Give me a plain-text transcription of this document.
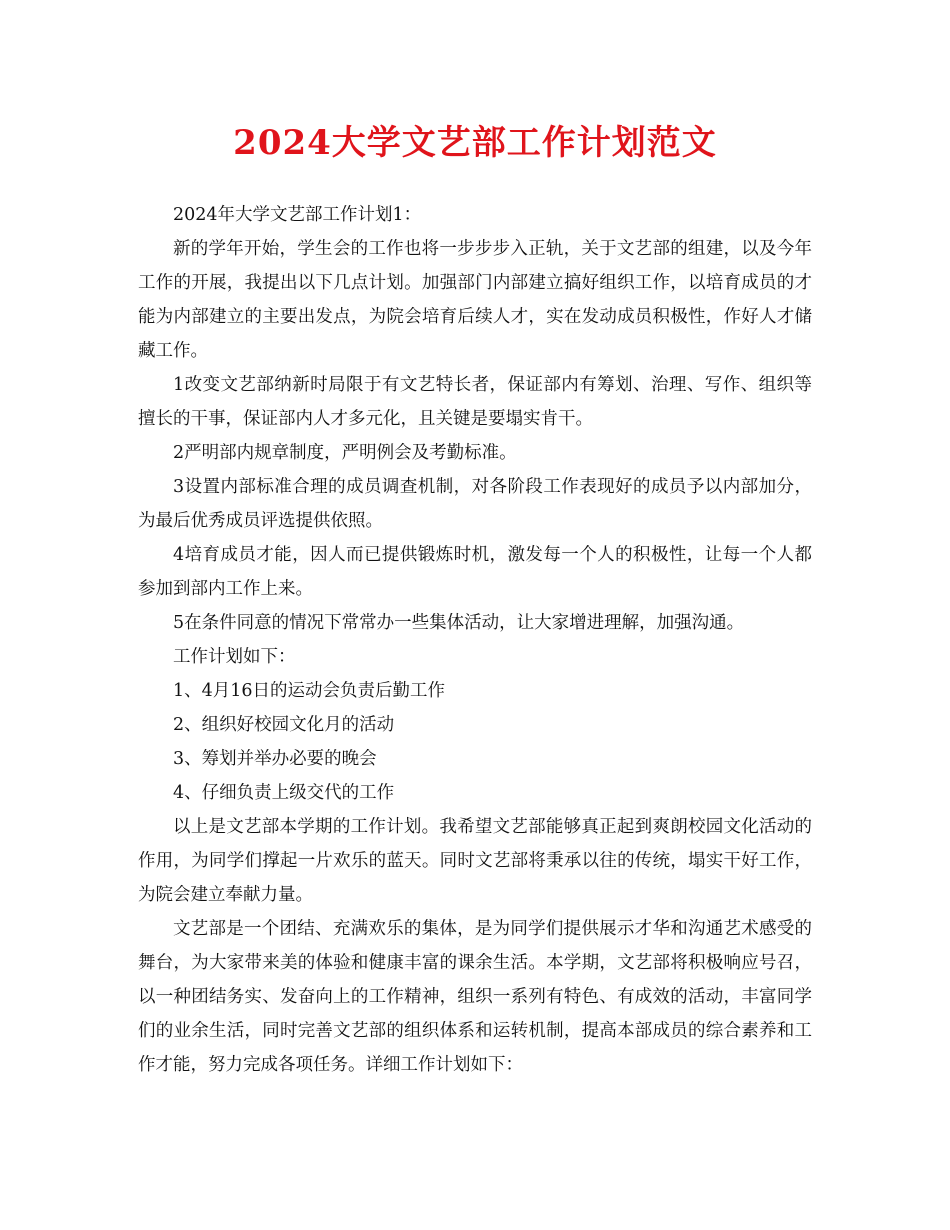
2024大学文艺部工作计划范文

2024年大学文艺部工作计划1：

新的学年开始，学生会的工作也将一步步步入正轨，关于文艺部的组建，以及今年工作的开展，我提出以下几点计划。加强部门内部建立搞好组织工作，以培育成员的才能为内部建立的主要出发点，为院会培育后续人才，实在发动成员积极性，作好人才储藏工作。

1改变文艺部纳新时局限于有文艺特长者，保证部内有筹划、治理、写作、组织等擅长的干事，保证部内人才多元化，且关键是要塌实肯干。

2严明部内规章制度，严明例会及考勤标准。

3设置内部标准合理的成员调查机制，对各阶段工作表现好的成员予以内部加分，为最后优秀成员评选提供依照。

4培育成员才能，因人而已提供锻炼时机，激发每一个人的积极性，让每一个人都参加到部内工作上来。

5在条件同意的情况下常常办一些集体活动，让大家增进理解，加强沟通。

工作计划如下：

1、4月16日的运动会负责后勤工作

2、组织好校园文化月的活动

3、筹划并举办必要的晚会

4、仔细负责上级交代的工作

以上是文艺部本学期的工作计划。我希望文艺部能够真正起到爽朗校园文化活动的作用，为同学们撑起一片欢乐的蓝天。同时文艺部将秉承以往的传统，塌实干好工作，为院会建立奉献力量。

文艺部是一个团结、充满欢乐的集体，是为同学们提供展示才华和沟通艺术感受的舞台，为大家带来美的体验和健康丰富的课余生活。本学期，文艺部将积极响应号召，以一种团结务实、发奋向上的工作精神，组织一系列有特色、有成效的活动，丰富同学们的业余生活，同时完善文艺部的组织体系和运转机制，提高本部成员的综合素养和工作才能，努力完成各项任务。详细工作计划如下：
